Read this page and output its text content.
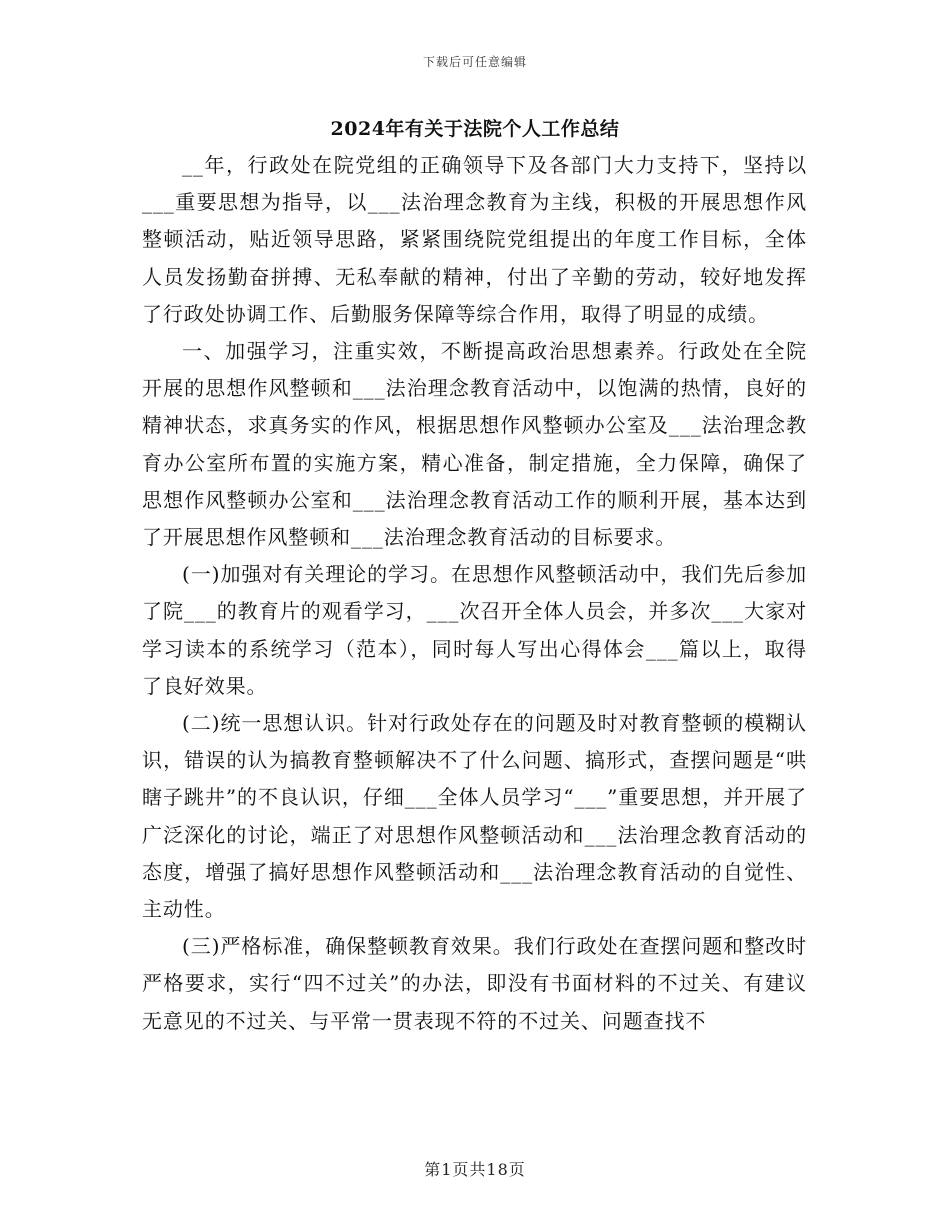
下载后可任意编辑
2024年有关于法院个人工作总结

__年，行政处在院党组的正确领导下及各部门大力支持下，坚持以___重要思想为指导，以___法治理念教育为主线，积极的开展思想作风整顿活动，贴近领导思路，紧紧围绕院党组提出的年度工作目标，全体人员发扬勤奋拼搏、无私奉献的精神，付出了辛勤的劳动，较好地发挥了行政处协调工作、后勤服务保障等综合作用，取得了明显的成绩。

一、加强学习，注重实效，不断提高政治思想素养。行政处在全院开展的思想作风整顿和___法治理念教育活动中，以饱满的热情，良好的精神状态，求真务实的作风，根据思想作风整顿办公室及___法治理念教育办公室所布置的实施方案，精心准备，制定措施，全力保障，确保了思想作风整顿办公室和___法治理念教育活动工作的顺利开展，基本达到了开展思想作风整顿和___法治理念教育活动的目标要求。

(一)加强对有关理论的学习。在思想作风整顿活动中，我们先后参加了院___的教育片的观看学习，___次召开全体人员会，并多次___大家对学习读本的系统学习（范本），同时每人写出心得体会___篇以上，取得了良好效果。

(二)统一思想认识。针对行政处存在的问题及时对教育整顿的模糊认识，错误的认为搞教育整顿解决不了什么问题、搞形式，查摆问题是“哄瞎子跳井”的不良认识，仔细___全体人员学习“___”重要思想，并开展了广泛深化的讨论，端正了对思想作风整顿活动和___法治理念教育活动的态度，增强了搞好思想作风整顿活动和___法治理念教育活动的自觉性、主动性。

(三)严格标准，确保整顿教育效果。我们行政处在查摆问题和整改时严格要求，实行“四不过关”的办法，即没有书面材料的不过关、有建议无意见的不过关、与平常一贯表现不符的不过关、问题查找不

第1页共18页
